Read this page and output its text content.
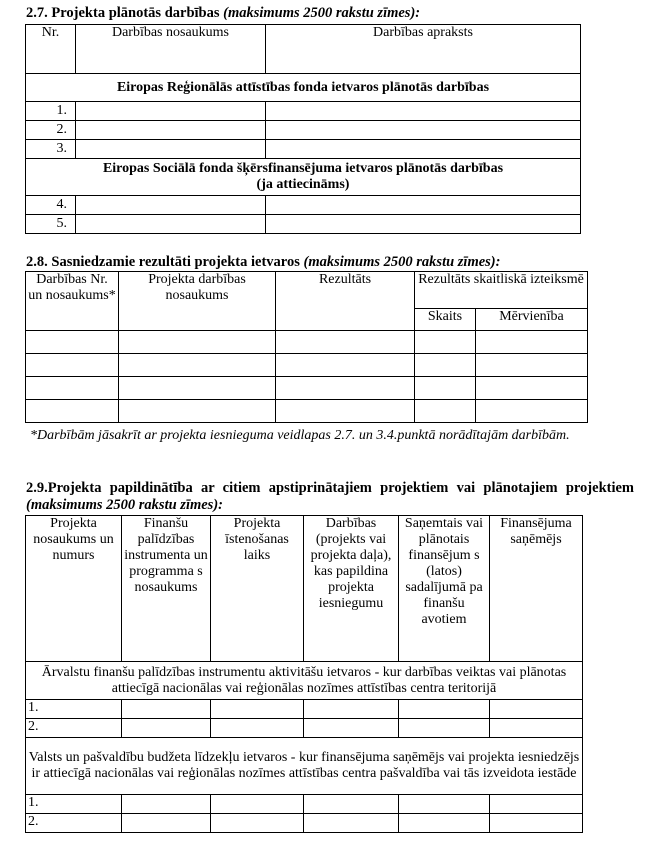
2.7. Projekta plānotās darbības (maksimums 2500 rakstu zīmes):
Nr.	Darbības nosaukums	Darbības apraksts
Eiropas Reģionālās attīstības fonda ietvaros plānotās darbības		
1.		
2.		
3.		

Eiropas Sociālā fonda šķērsfinansējuma ietvaros plānotās darbības
(ja attiecināms)		

4.		
5.		
2.8. Sasniedzamie rezultāti projekta ietvaros (maksimums 2500 rakstu zīmes):
Darbības Nr. un nosaukums*	Projekta darbības nosaukums	Rezultāts	Rezultāts skaitliskā izteiksmē	
			Skaits	Mērvienība

*Darbībām jāsakrīt ar projekta iesnieguma veidlapas 2.7. un 3.4.punktā norādītajām darbībām.
2.9.Projekta papildinātība ar citiem apstiprinātajiem projektiem vai plānotajiem projektiem (maksimums 2500 rakstu zīmes):
Projekta nosaukums un numurs	Finanšu palīdzības instrumenta un programma s nosaukums	Projekta īstenošanas laiks	Darbības (projekts vai projekta daļa), kas papildina projekta iesniegumu	Saņemtais vai plānotais finansējum s (latos) sadalījumā pa finanšu avotiem	Finansējuma saņēmējs
Ārvalstu finanšu palīdzības instrumentu aktivitāšu ietvaros - kur darbības veiktas vai plānotas attiecīgā nacionālas vai reģionālas nozīmes attīstības centra teritorijā					
1.					
2.					
Valsts un pašvaldību budžeta līdzekļu ietvaros - kur finansējuma saņēmējs vai projekta iesniedzējs ir attiecīgā nacionālas vai reģionālas nozīmes attīstības centra pašvaldība vai tās izveidota iestāde					
1.					
2.					
